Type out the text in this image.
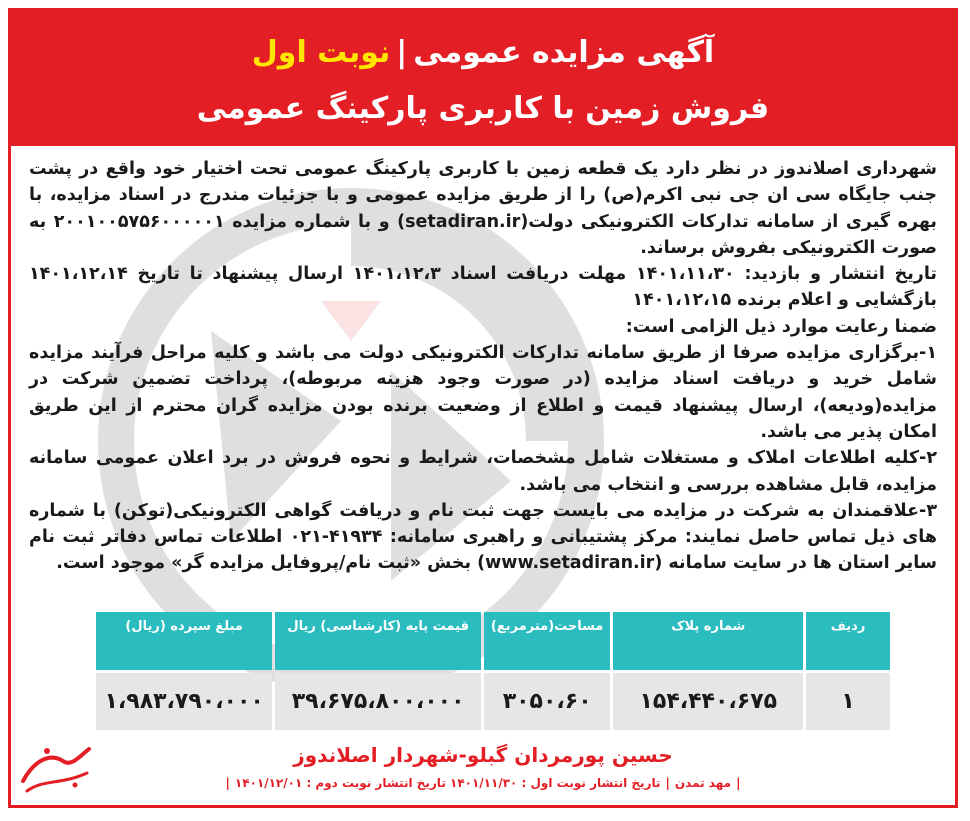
آگهی مزایده عمومی|نوبت اول
فروش زمین با کاربری پارکینگ عمومی

شهرداری اصلاندوز در نظر دارد یک قطعه زمین با کاربری پارکینگ عمومی تحت اختیار خود واقع در پشت جنب جایگاه سی ان جی نبی اکرم(ص) را از طریق مزایده عمومی و با جزئیات مندرج در اسناد مزایده، با بهره گیری از سامانه تدارکات الکترونیکی دولت(setadiran.ir) و با شماره مزایده ۲۰۰۱۰۰۵۷۵۶۰۰۰۰۰۱ به صورت الکترونیکی بفروش برساند.

تاریخ انتشار و بازدید: ۱۴۰۱،۱۱،۳۰ مهلت دریافت اسناد ۱۴۰۱،۱۲،۳ ارسال پیشنهاد تا تاریخ ۱۴۰۱،۱۲،۱۴ بازگشایی و اعلام برنده ۱۴۰۱،۱۲،۱۵

ضمنا رعایت موارد ذیل الزامی است:

۱-برگزاری مزایده صرفا از طریق سامانه تدارکات الکترونیکی دولت می باشد و کلیه مراحل فرآیند مزایده شامل خرید و دریافت اسناد مزایده (در صورت وجود هزینه مربوطه)، پرداخت تضمین شرکت در مزایده(ودیعه)، ارسال پیشنهاد قیمت و اطلاع از وضعیت برنده بودن مزایده گران محترم از این طریق امکان پذیر می باشد.

۲-کلیه اطلاعات املاک و مستغلات شامل مشخصات، شرایط و نحوه فروش در برد اعلان عمومی سامانه مزایده، قابل مشاهده بررسی و انتخاب می باشد.

۳-علاقمندان به شرکت در مزایده می بایست جهت ثبت نام و دریافت گواهی الکترونیکی(توکن) با شماره های ذیل تماس حاصل نمایند: مرکز پشتیبانی و راهبری سامانه: ۴۱۹۳۴-۰۲۱ اطلاعات تماس دفاتر ثبت نام سایر استان ها در سایت سامانه (www.setadiran.ir) بخش «ثبت نام/پروفایل مزایده گر» موجود است.

ردیف	شماره پلاک	مساحت(مترمربع)	قیمت پایه (کارشناسی) ریال	مبلغ سپرده (ریال)
۱	۱۵۴،۴۴۰،۶۷۵	۳۰۵۰،۶۰	۳۹،۶۷۵،۸۰۰،۰۰۰	۱،۹۸۳،۷۹۰،۰۰۰
حسین پورمردان گبلو-شهردار اصلاندوز
|مهد تمدن|تاریخ انتشار نوبت اول : ۱۴۰۱/۱۱/۳۰ تاریخ انتشار نوبت دوم : ۱۴۰۱/۱۲/۰۱|
